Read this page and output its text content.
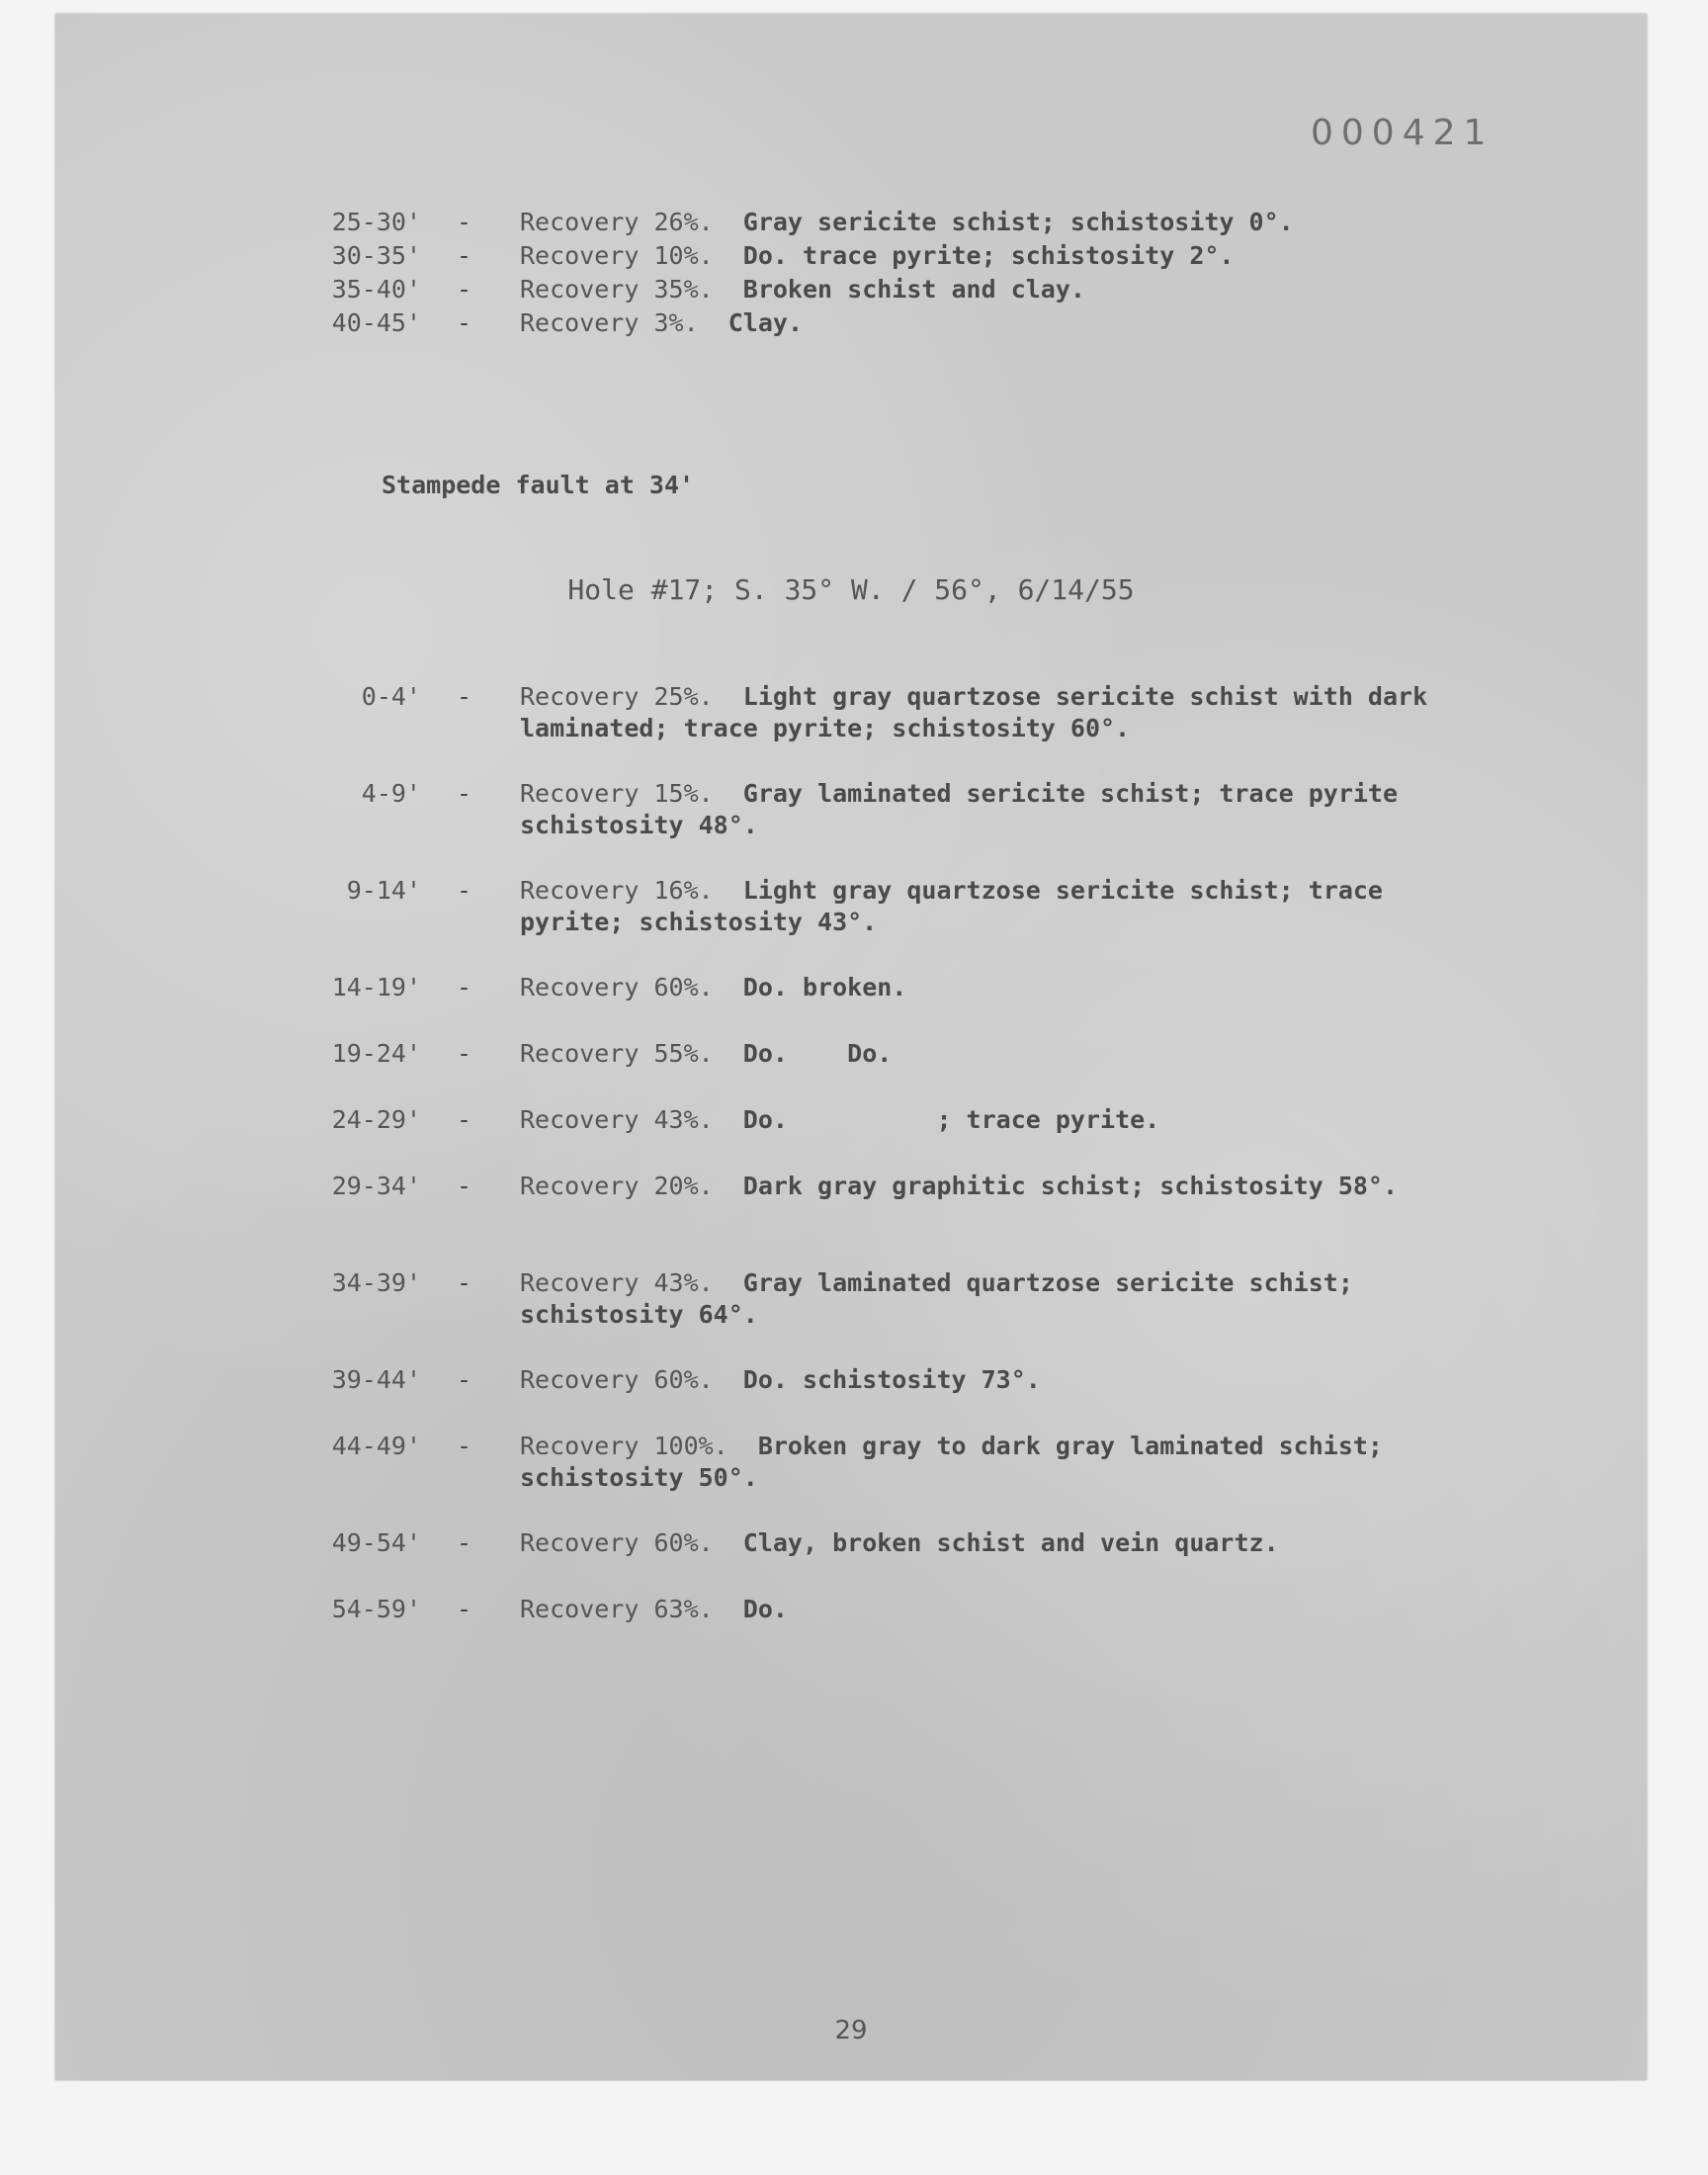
000421
25-30' - Recovery 26%. Gray sericite schist; schistosity 0°.
30-35' - Recovery 10%. Do. trace pyrite; schistosity 2°.
35-40' - Recovery 35%. Broken schist and clay.
40-45' - Recovery 3%. Clay.
Stampede fault at 34'
Hole #17; S. 35° W. / 56°, 6/14/55
0-4' - Recovery 25%. Light gray quartzose sericite schist with dark laminated; trace pyrite; schistosity 60°.
4-9' - Recovery 15%. Gray laminated sericite schist; trace pyrite schistosity 48°.
9-14' - Recovery 16%. Light gray quartzose sericite schist; trace pyrite; schistosity 43°.
14-19' - Recovery 60%. Do. broken.
19-24' - Recovery 55%. Do.    Do.
24-29' - Recovery 43%. Do.          ; trace pyrite.
29-34' - Recovery 20%. Dark gray graphitic schist; schistosity 58°.
34-39' - Recovery 43%. Gray laminated quartzose sericite schist; schistosity 64°.
39-44' - Recovery 60%. Do. schistosity 73°.
44-49' - Recovery 100%. Broken gray to dark gray laminated schist; schistosity 50°.
49-54' - Recovery 60%. Clay, broken schist and vein quartz.
54-59' - Recovery 63%. Do.
29
